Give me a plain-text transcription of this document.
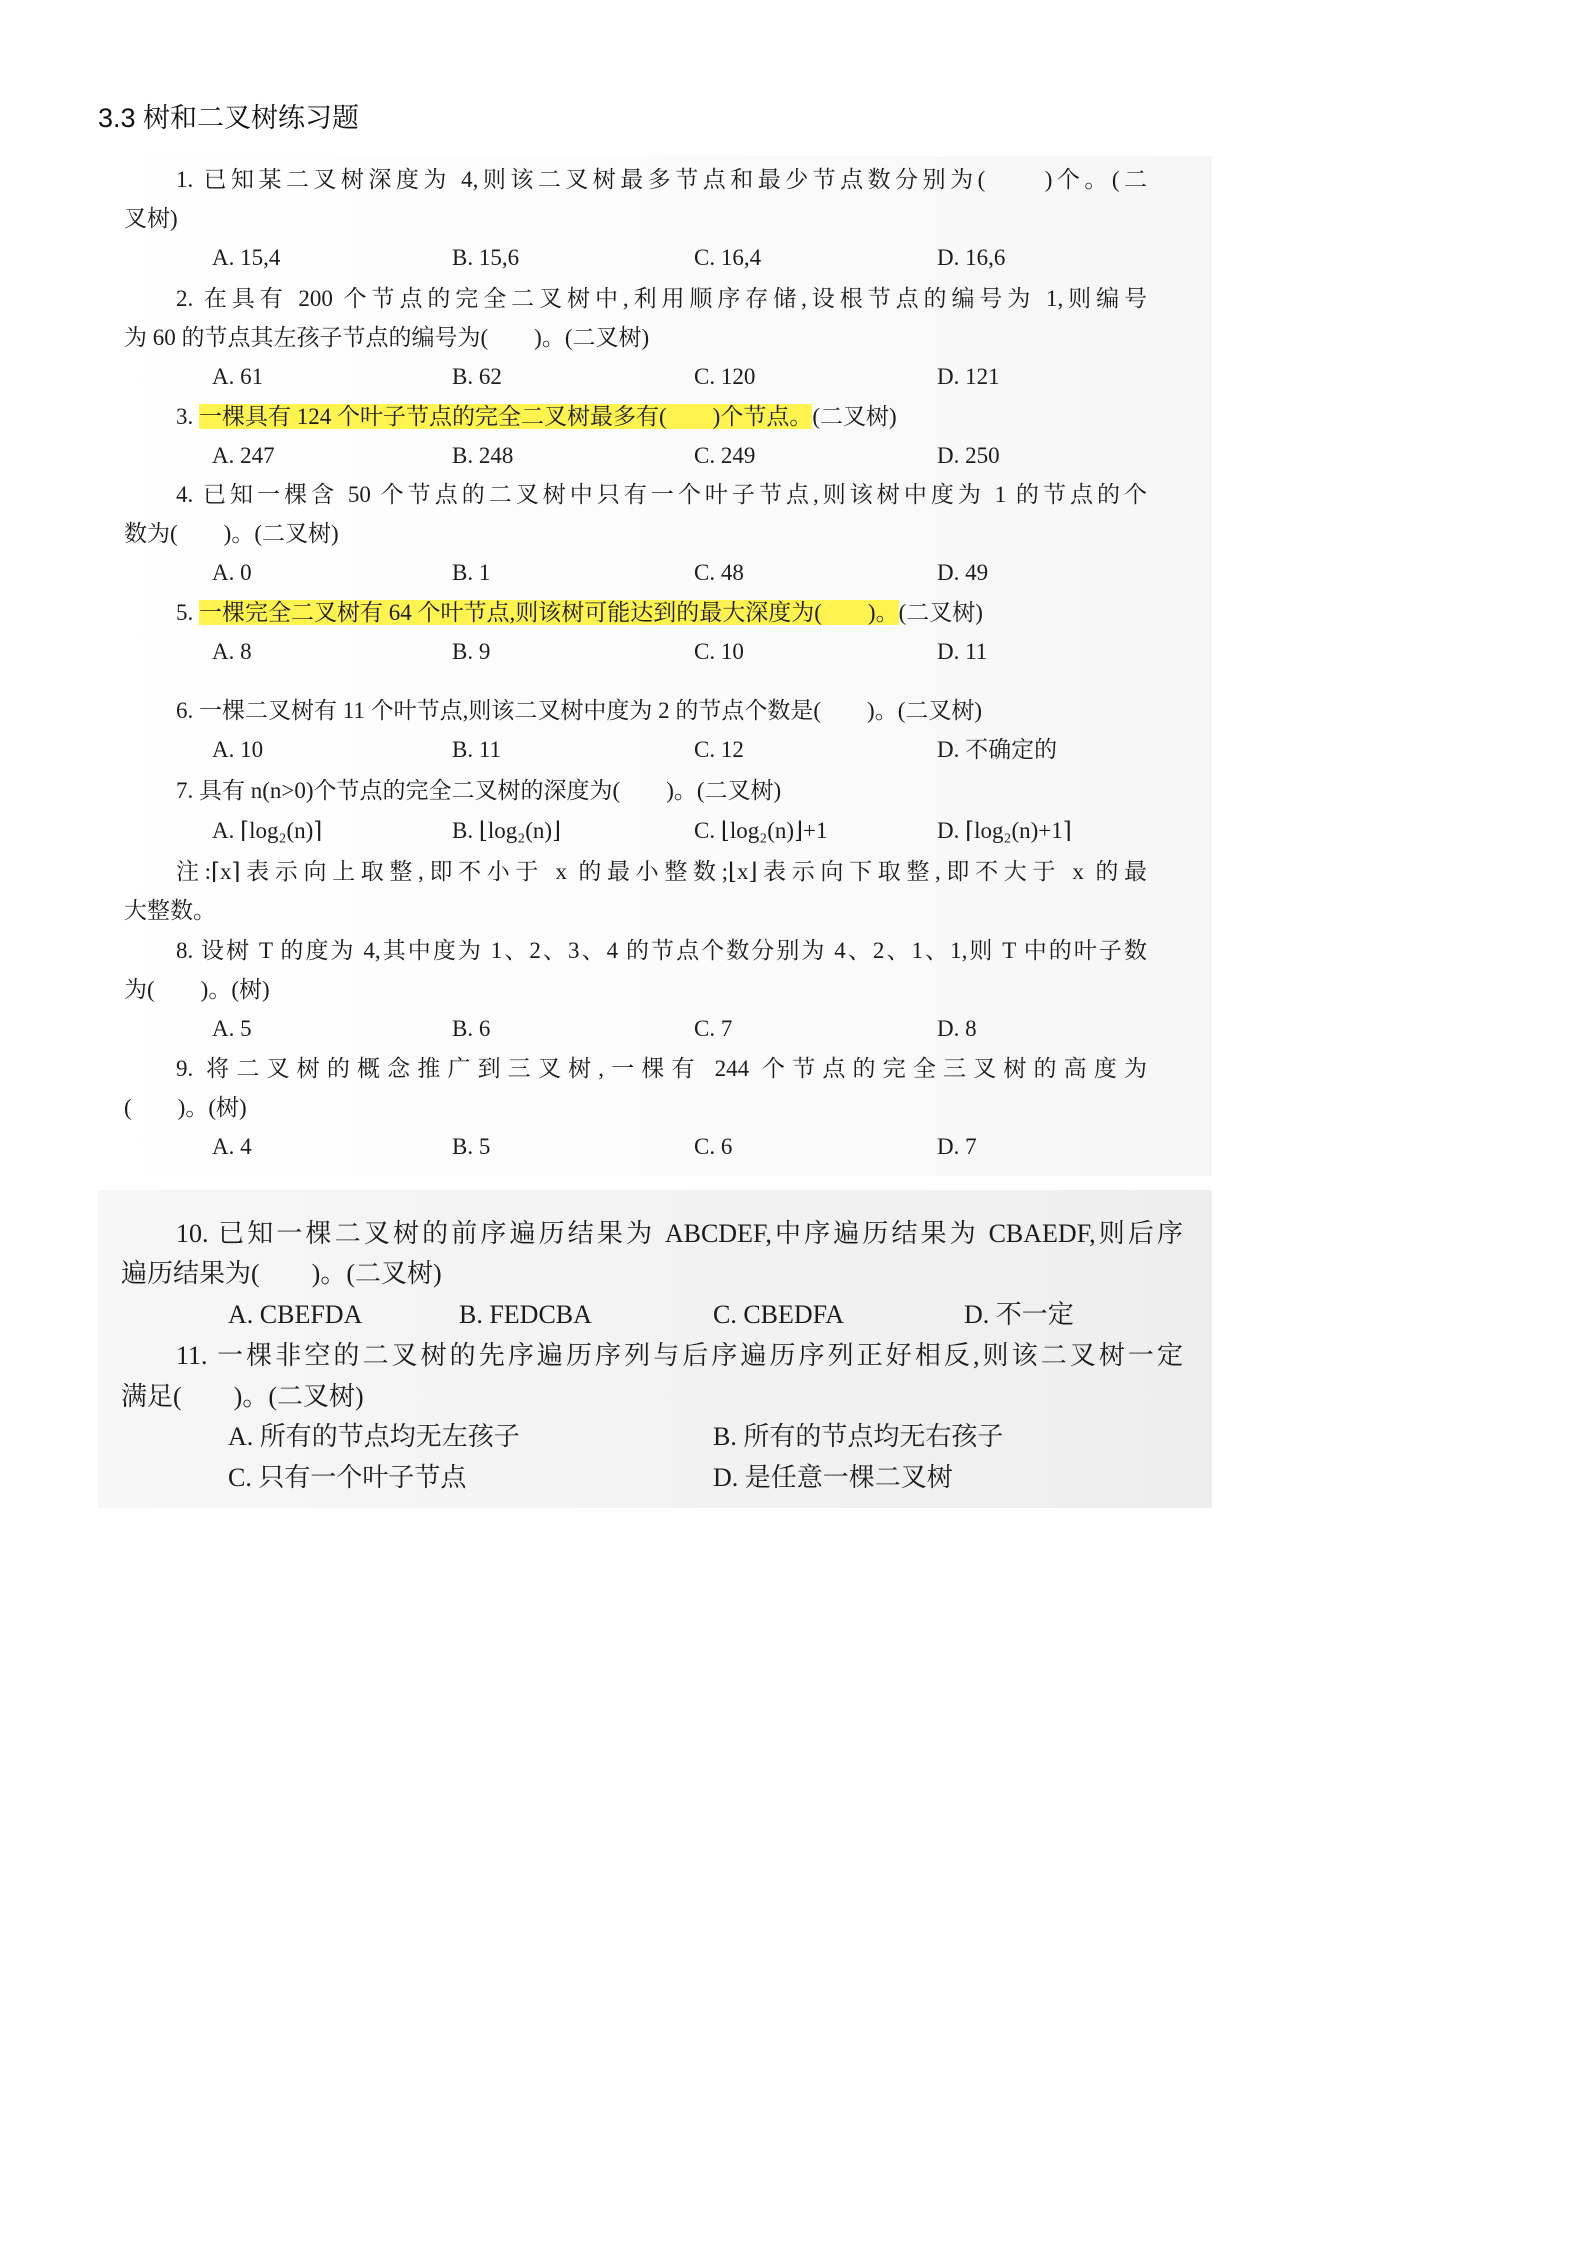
3.3 树和二叉树练习题
1. 已知某二叉树深度为 4,则该二叉树最多节点和最少节点数分别为(　　)个。(二
叉树)
A. 15,4	B. 15,6	C. 16,4	D. 16,6
2. 在具有 200 个节点的完全二叉树中,利用顺序存储,设根节点的编号为 1,则编号
为 60 的节点其左孩子节点的编号为(　　)。(二叉树)
A. 61	B. 62	C. 120	D. 121
3. 一棵具有 124 个叶子节点的完全二叉树最多有(　　)个节点。(二叉树)
A. 247	B. 248	C. 249	D. 250
4. 已知一棵含 50 个节点的二叉树中只有一个叶子节点,则该树中度为 1 的节点的个
数为(　　)。(二叉树)
A. 0	B. 1	C. 48	D. 49
5. 一棵完全二叉树有 64 个叶节点,则该树可能达到的最大深度为(　　)。(二叉树)
A. 8	B. 9	C. 10	D. 11
6. 一棵二叉树有 11 个叶节点,则该二叉树中度为 2 的节点个数是(　　)。(二叉树)
A. 10	B. 11	C. 12	D. 不确定的
7. 具有 n(n>0)个节点的完全二叉树的深度为(　　)。(二叉树)
A. ⌈log₂(n)⌉	B. ⌊log₂(n)⌋	C. ⌊log₂(n)⌋+1	D. ⌈log₂(n)+1⌉
注:⌈x⌉表示向上取整,即不小于 x 的最小整数;⌊x⌋表示向下取整,即不大于 x 的最
大整数。
8. 设树 T 的度为 4,其中度为 1、2、3、4 的节点个数分别为 4、2、1、1,则 T 中的叶子数
为(　　)。(树)
A. 5	B. 6	C. 7	D. 8
9. 将二叉树的概念推广到三叉树,一棵有 244 个节点的完全三叉树的高度为
(　　)。(树)
A. 4	B. 5	C. 6	D. 7
10. 已知一棵二叉树的前序遍历结果为 ABCDEF,中序遍历结果为 CBAEDF,则后序
遍历结果为(　　)。(二叉树)
A. CBEFDA	B. FEDCBA	C. CBEDFA	D. 不一定
11. 一棵非空的二叉树的先序遍历序列与后序遍历序列正好相反,则该二叉树一定
满足(　　)。(二叉树)
A. 所有的节点均无左孩子	B. 所有的节点均无右孩子
C. 只有一个叶子节点	D. 是任意一棵二叉树
